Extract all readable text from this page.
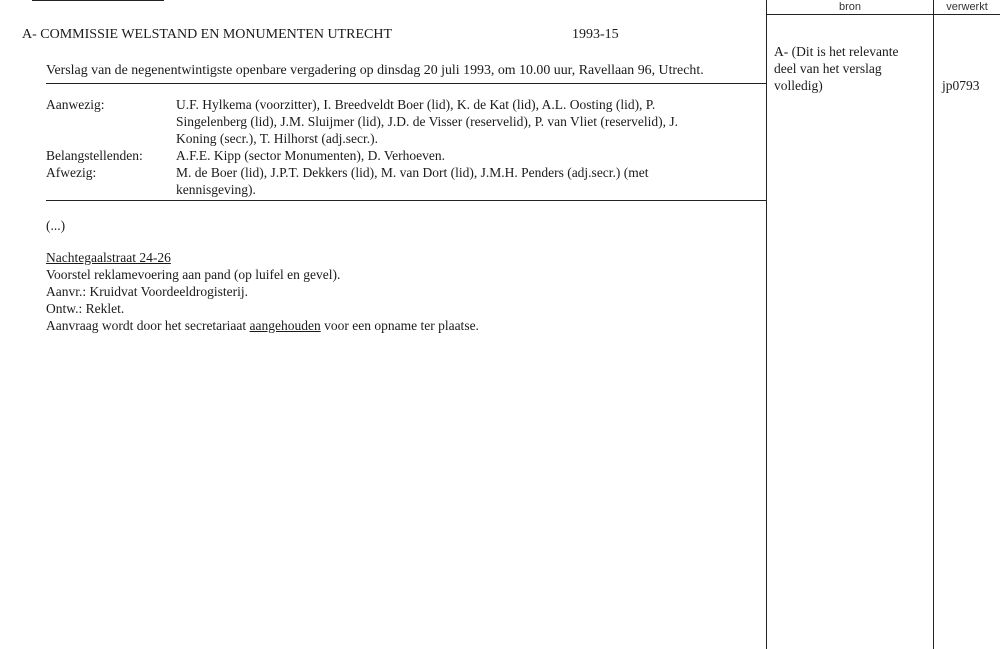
bron	verwerkt
A- COMMISSIE WELSTAND EN MONUMENTEN UTRECHT	1993-15
Verslag van de negenentwintigste openbare vergadering op dinsdag 20 juli 1993, om 10.00 uur, Ravellaan 96, Utrecht.
Aanwezig:	U.F. Hylkema (voorzitter), I. Breedveldt Boer (lid), K. de Kat (lid), A.L. Oosting (lid), P.
Singelenberg (lid), J.M. Sluijmer (lid), J.D. de Visser (reservelid), P. van Vliet (reservelid), J.
Koning (secr.), T. Hilhorst (adj.secr.).
Belangstellenden: A.F.E. Kipp (sector Monumenten), D. Verhoeven.
Afwezig:	M. de Boer (lid), J.P.T. Dekkers (lid), M. van Dort (lid), J.M.H. Penders (adj.secr.) (met
kennisgeving).
(...)
Nachtegaalstraat 24-26
Voorstel reklamevoering aan pand (op luifel en gevel).
Aanvr.: Kruidvat Voordeeldrogisterij.
Ontw.: Reklet.
Aanvraag wordt door het secretariaat aangehouden voor een opname ter plaatse.
A- (Dit is het relevante
deel van het verslag
volledig)	jp0793
